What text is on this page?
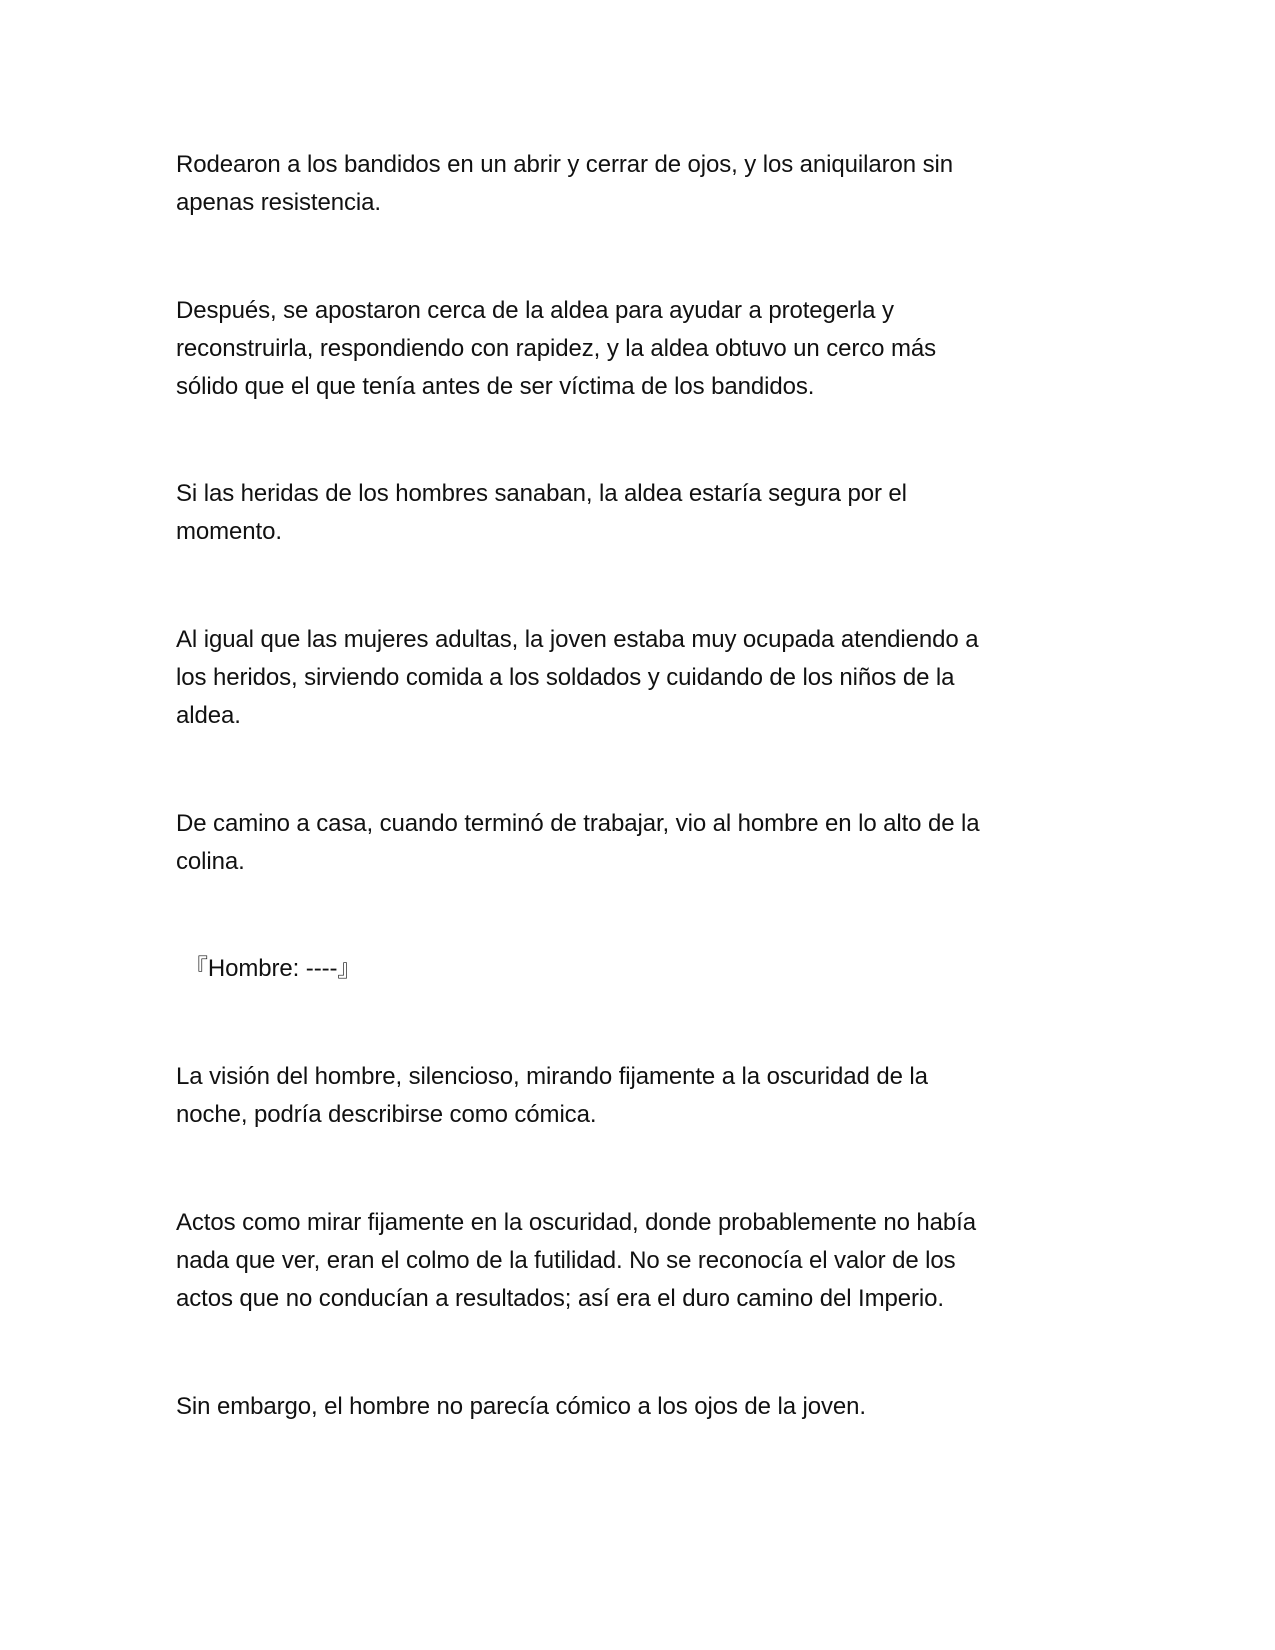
Rodearon a los bandidos en un abrir y cerrar de ojos, y los aniquilaron sin

apenas resistencia.

Después, se apostaron cerca de la aldea para ayudar a protegerla y

reconstruirla, respondiendo con rapidez, y la aldea obtuvo un cerco más

sólido que el que tenía antes de ser víctima de los bandidos.

Si las heridas de los hombres sanaban, la aldea estaría segura por el

momento.

Al igual que las mujeres adultas, la joven estaba muy ocupada atendiendo a

los heridos, sirviendo comida a los soldados y cuidando de los niños de la

aldea.

De camino a casa, cuando terminó de trabajar, vio al hombre en lo alto de la

colina.

『Hombre: ----』

La visión del hombre, silencioso, mirando fijamente a la oscuridad de la

noche, podría describirse como cómica.

Actos como mirar fijamente en la oscuridad, donde probablemente no había

nada que ver, eran el colmo de la futilidad. No se reconocía el valor de los

actos que no conducían a resultados; así era el duro camino del Imperio.

Sin embargo, el hombre no parecía cómico a los ojos de la joven.
